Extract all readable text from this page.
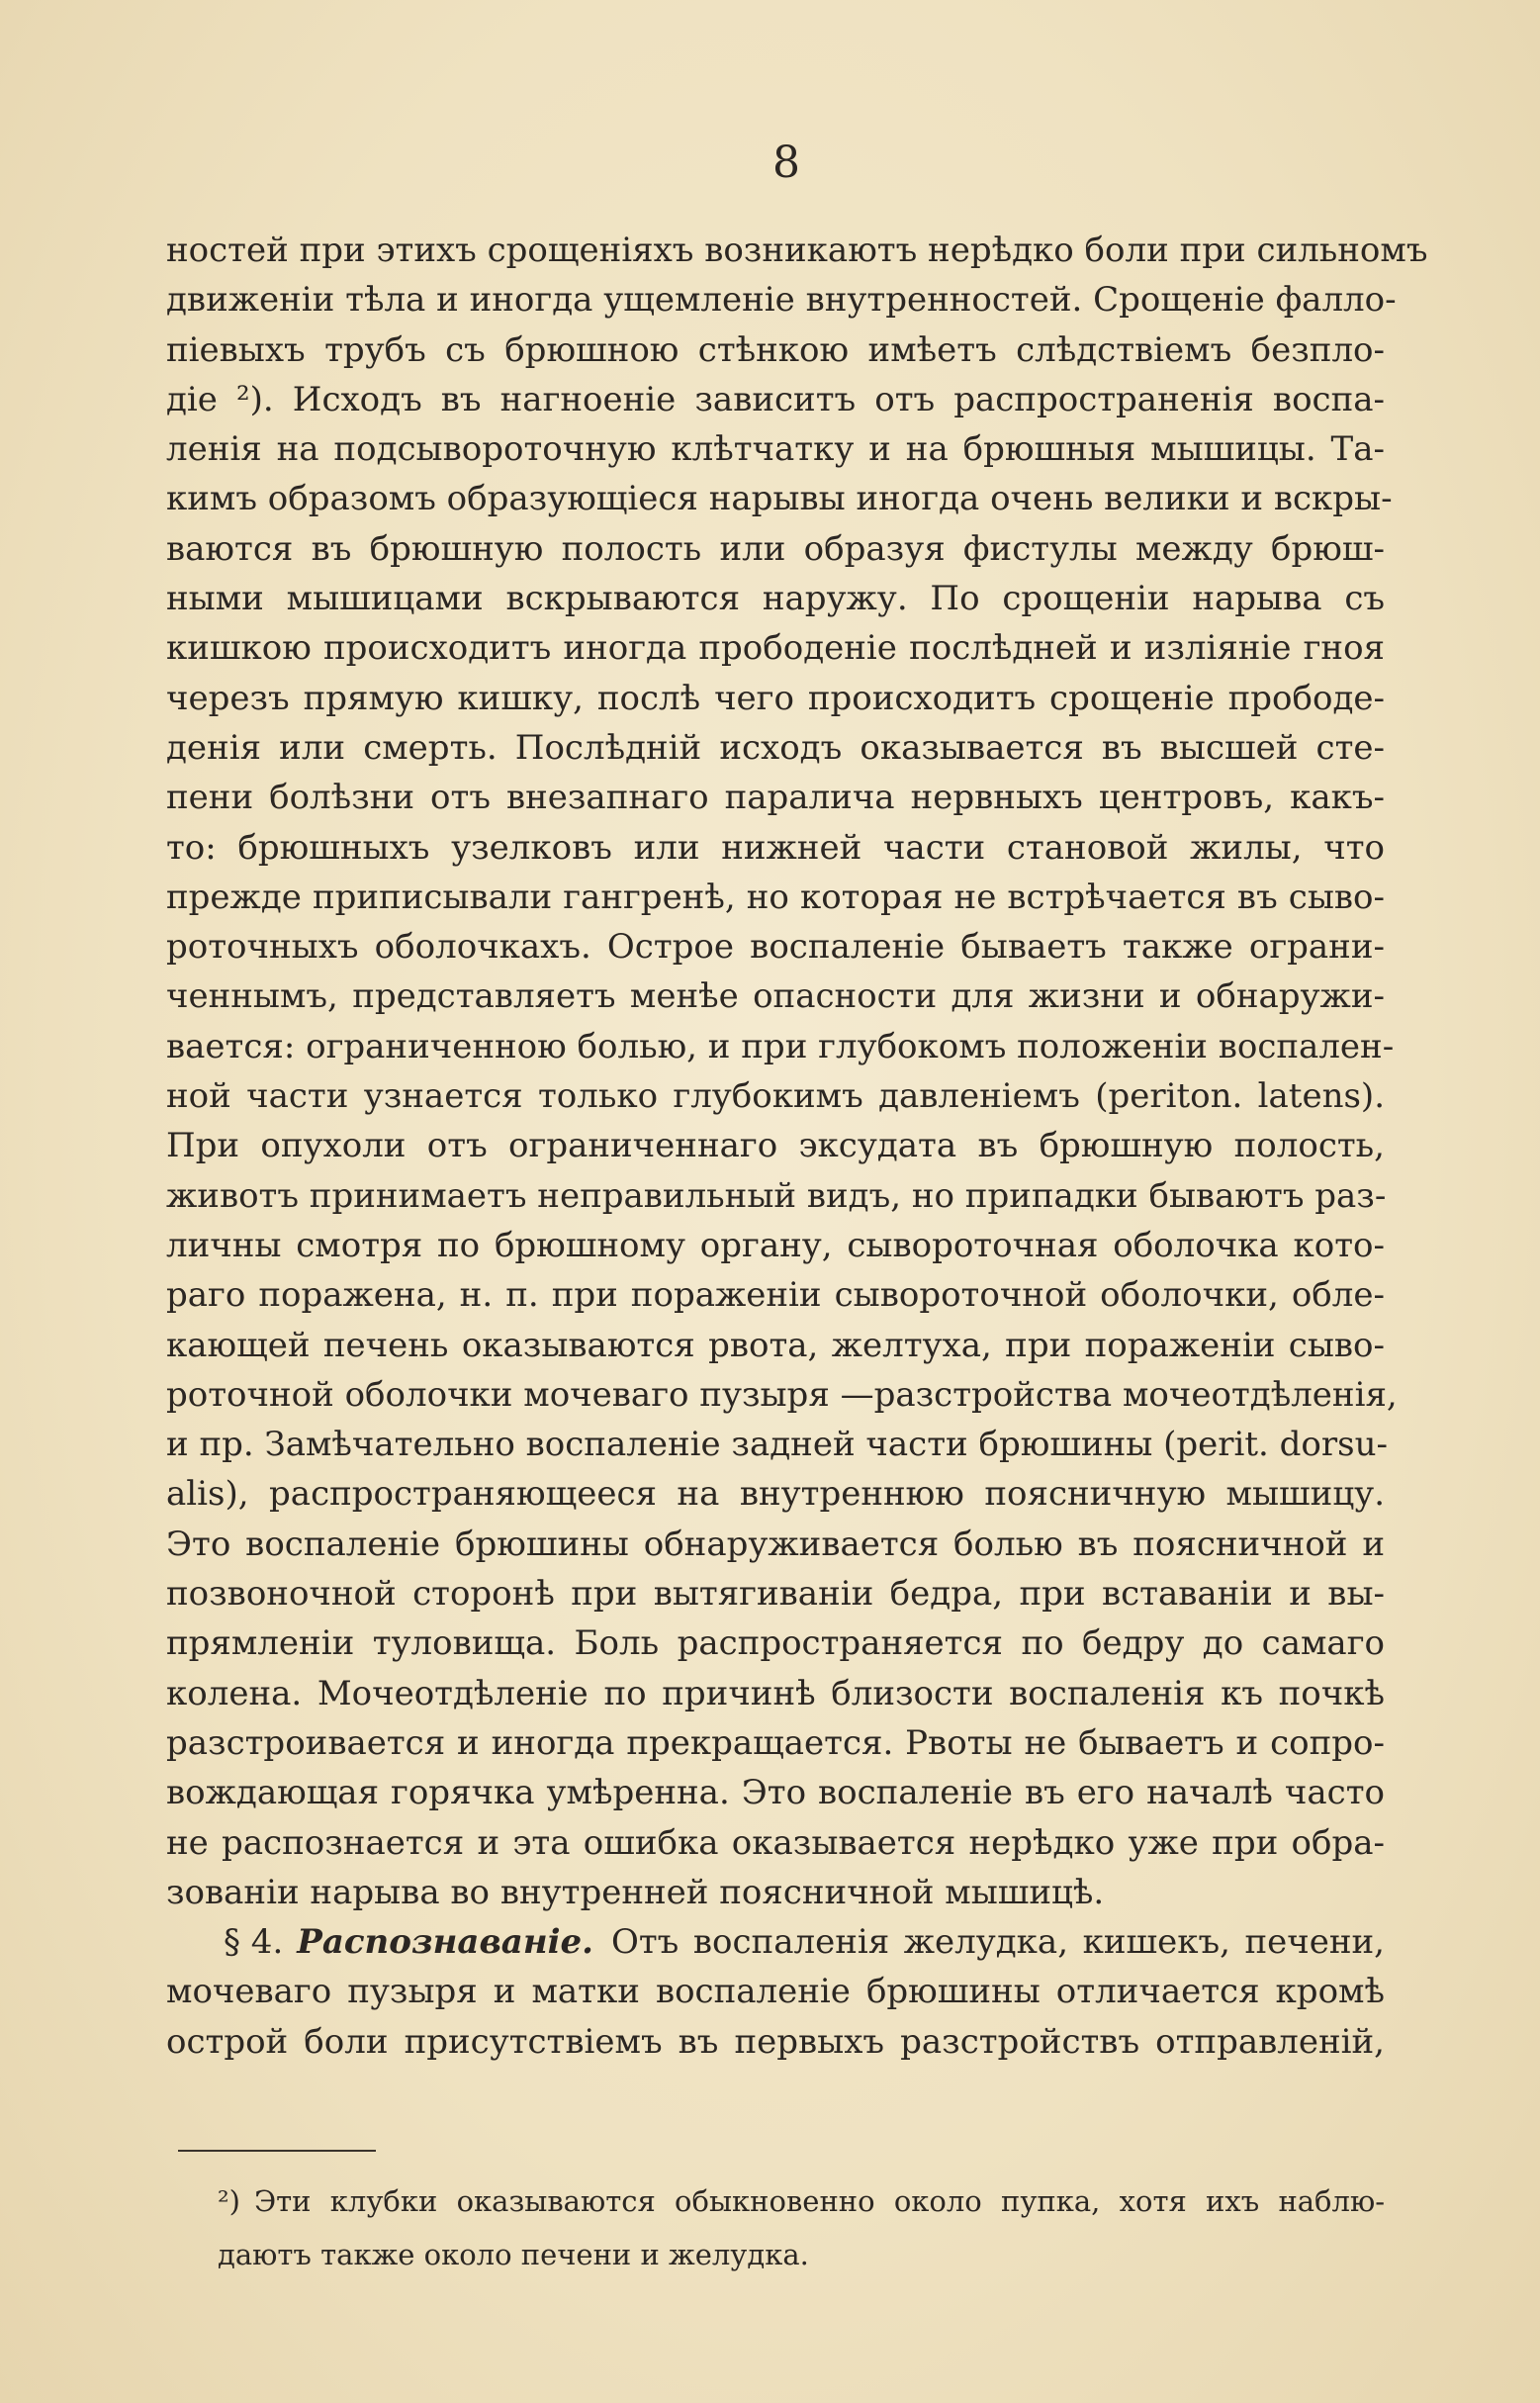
8
ностей при этихъ срощеніяхъ возникаютъ нерѣдко боли при сильномъ
движеніи тѣла и иногда ущемленіе внутренностей. Срощеніе фалло-
піевыхъ трубъ съ брюшною стѣнкою имѣетъ слѣдствіемъ безпло-
діе ²). Исходъ въ нагноеніе зависитъ отъ распространенія воспа-
ленія на подсывороточную клѣтчатку и на брюшныя мышицы. Та-
кимъ образомъ образующіеся нарывы иногда очень велики и вскры-
ваются въ брюшную полость или образуя фистулы между брюш-
ными мышицами вскрываются наружу. По срощеніи нарыва съ
кишкою происходитъ иногда прободеніе послѣдней и изліяніе гноя
черезъ прямую кишку, послѣ чего происходитъ срощеніе прободе-
денія или смерть. Послѣдній исходъ оказывается въ высшей сте-
пени болѣзни отъ внезапнаго паралича нервныхъ центровъ, какъ-
то: брюшныхъ узелковъ или нижней части становой жилы, что
прежде приписывали гангренѣ, но которая не встрѣчается въ сыво-
роточныхъ оболочкахъ. Острое воспаленіе бываетъ также ограни-
ченнымъ, представляетъ менѣе опасности для жизни и обнаружи-
вается: ограниченною болью, и при глубокомъ положеніи воспален-
ной части узнается только глубокимъ давленіемъ (periton. latens).
При опухоли отъ ограниченнаго эксудата въ брюшную полость,
животъ принимаетъ неправильный видъ, но припадки бываютъ раз-
личны смотря по брюшному органу, сывороточная оболочка кото-
раго поражена, н. п. при пораженіи сывороточной оболочки, обле-
кающей печень оказываются рвота, желтуха, при пораженіи сыво-
роточной оболочки мочеваго пузыря —разстройства мочеотдѣленія,
и пр. Замѣчательно воспаленіе задней части брюшины (perit. dorsu-
alis), распространяющееся на внутреннюю поясничную мышицу.
Это воспаленіе брюшины обнаруживается болью въ поясничной и
позвоночной сторонѣ при вытягиваніи бедра, при вставаніи и вы-
прямленіи туловища. Боль распространяется по бедру до самаго
колена. Мочеотдѣленіе по причинѣ близости воспаленія къ почкѣ
разстроивается и иногда прекращается. Рвоты не бываетъ и сопро-
вождающая горячка умѣренна. Это воспаленіе въ его началѣ часто
не распознается и эта ошибка оказывается нерѣдко уже при обра-
зованіи нарыва во внутренней поясничной мышицѣ.
§ 4. Распознаваніе. Отъ воспаленія желудка, кишекъ, печени,
мочеваго пузыря и матки воспаленіе брюшины отличается кромѣ
острой боли присутствіемъ въ первыхъ разстройствъ отправленій,
²) Эти клубки оказываются обыкновенно около пупка, хотя ихъ наблю-
даютъ также около печени и желудка.
